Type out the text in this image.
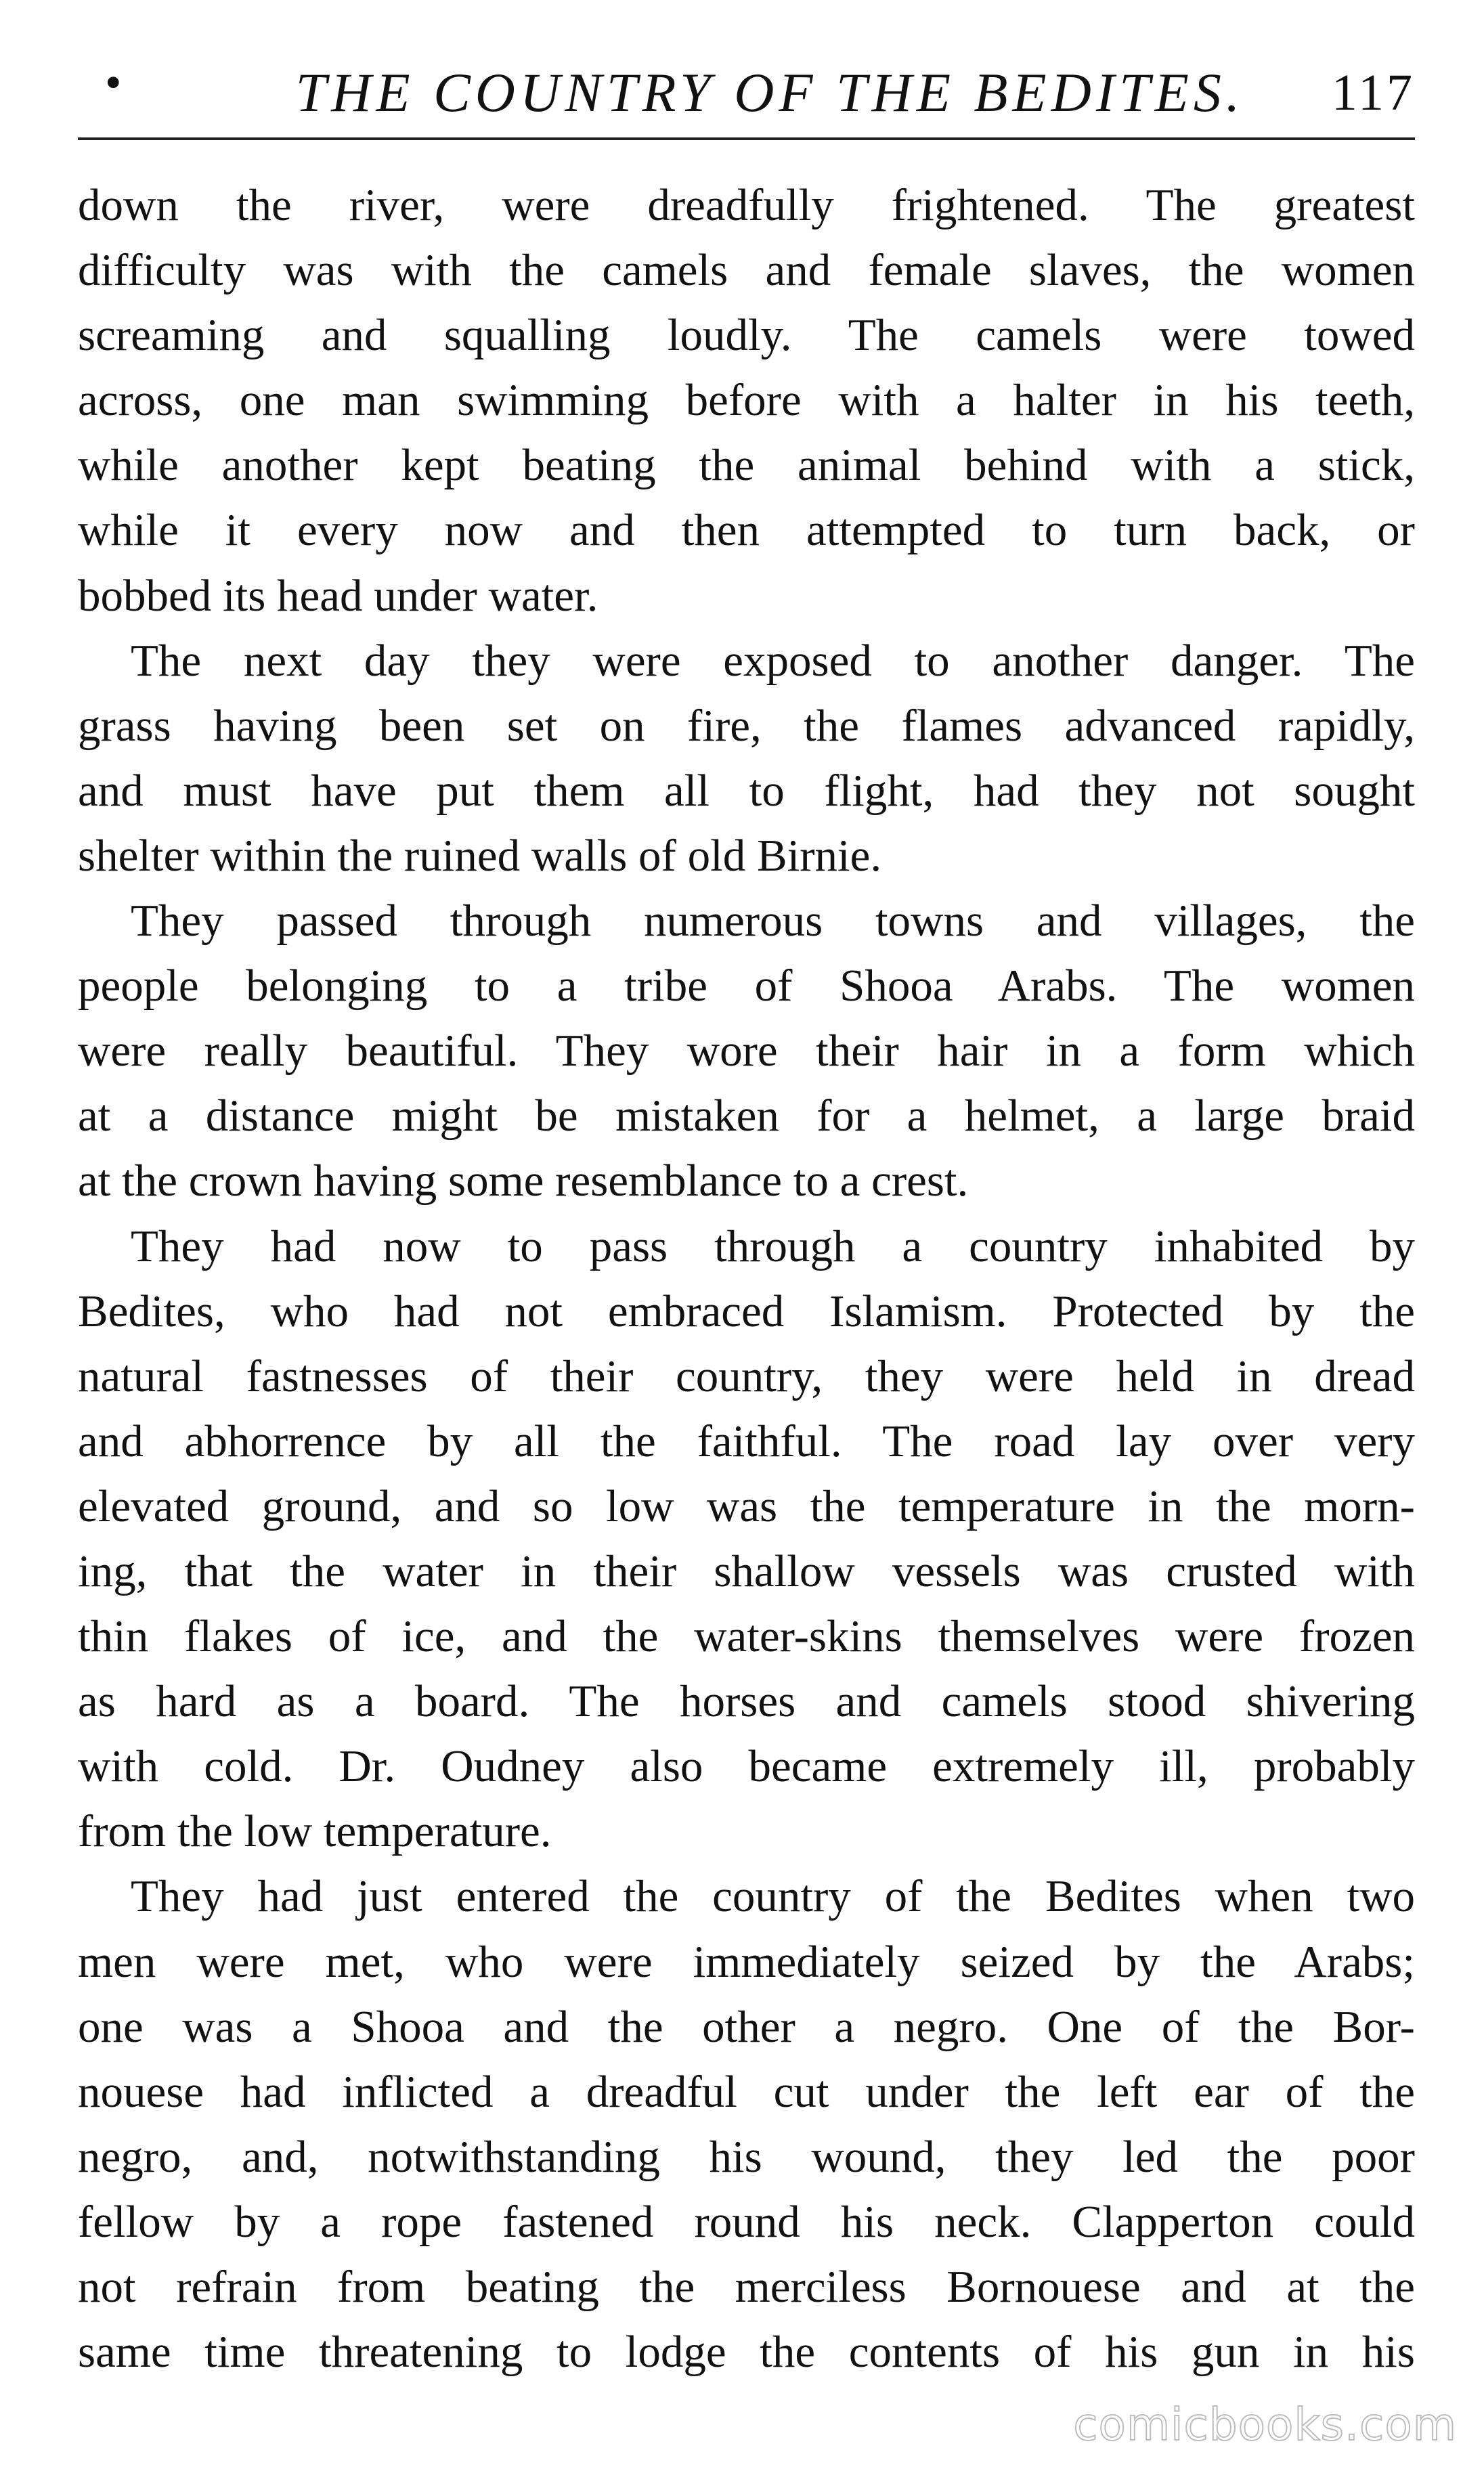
•	THE COUNTRY OF THE BEDITES.	117
down the river, were dreadfully frightened. The greatest
difficulty was with the camels and female slaves, the women
screaming and squalling loudly. The camels were towed
across, one man swimming before with a halter in his teeth,
while another kept beating the animal behind with a stick,
while it every now and then attempted to turn back, or
bobbed its head under water.
The next day they were exposed to another danger. The
grass having been set on fire, the flames advanced rapidly,
and must have put them all to flight, had they not sought
shelter within the ruined walls of old Birnie.
They passed through numerous towns and villages, the
people belonging to a tribe of Shooa Arabs. The women
were really beautiful. They wore their hair in a form which
at a distance might be mistaken for a helmet, a large braid
at the crown having some resemblance to a crest.
They had now to pass through a country inhabited by
Bedites, who had not embraced Islamism. Protected by the
natural fastnesses of their country, they were held in dread
and abhorrence by all the faithful. The road lay over very
elevated ground, and so low was the temperature in the morn-
ing, that the water in their shallow vessels was crusted with
thin flakes of ice, and the water-skins themselves were frozen
as hard as a board. The horses and camels stood shivering
with cold. Dr. Oudney also became extremely ill, probably
from the low temperature.
They had just entered the country of the Bedites when two
men were met, who were immediately seized by the Arabs;
one was a Shooa and the other a negro. One of the Bor-
nouese had inflicted a dreadful cut under the left ear of the
negro, and, notwithstanding his wound, they led the poor
fellow by a rope fastened round his neck. Clapperton could
not refrain from beating the merciless Bornouese and at the
same time threatening to lodge the contents of his gun in his
comicbooks.com
